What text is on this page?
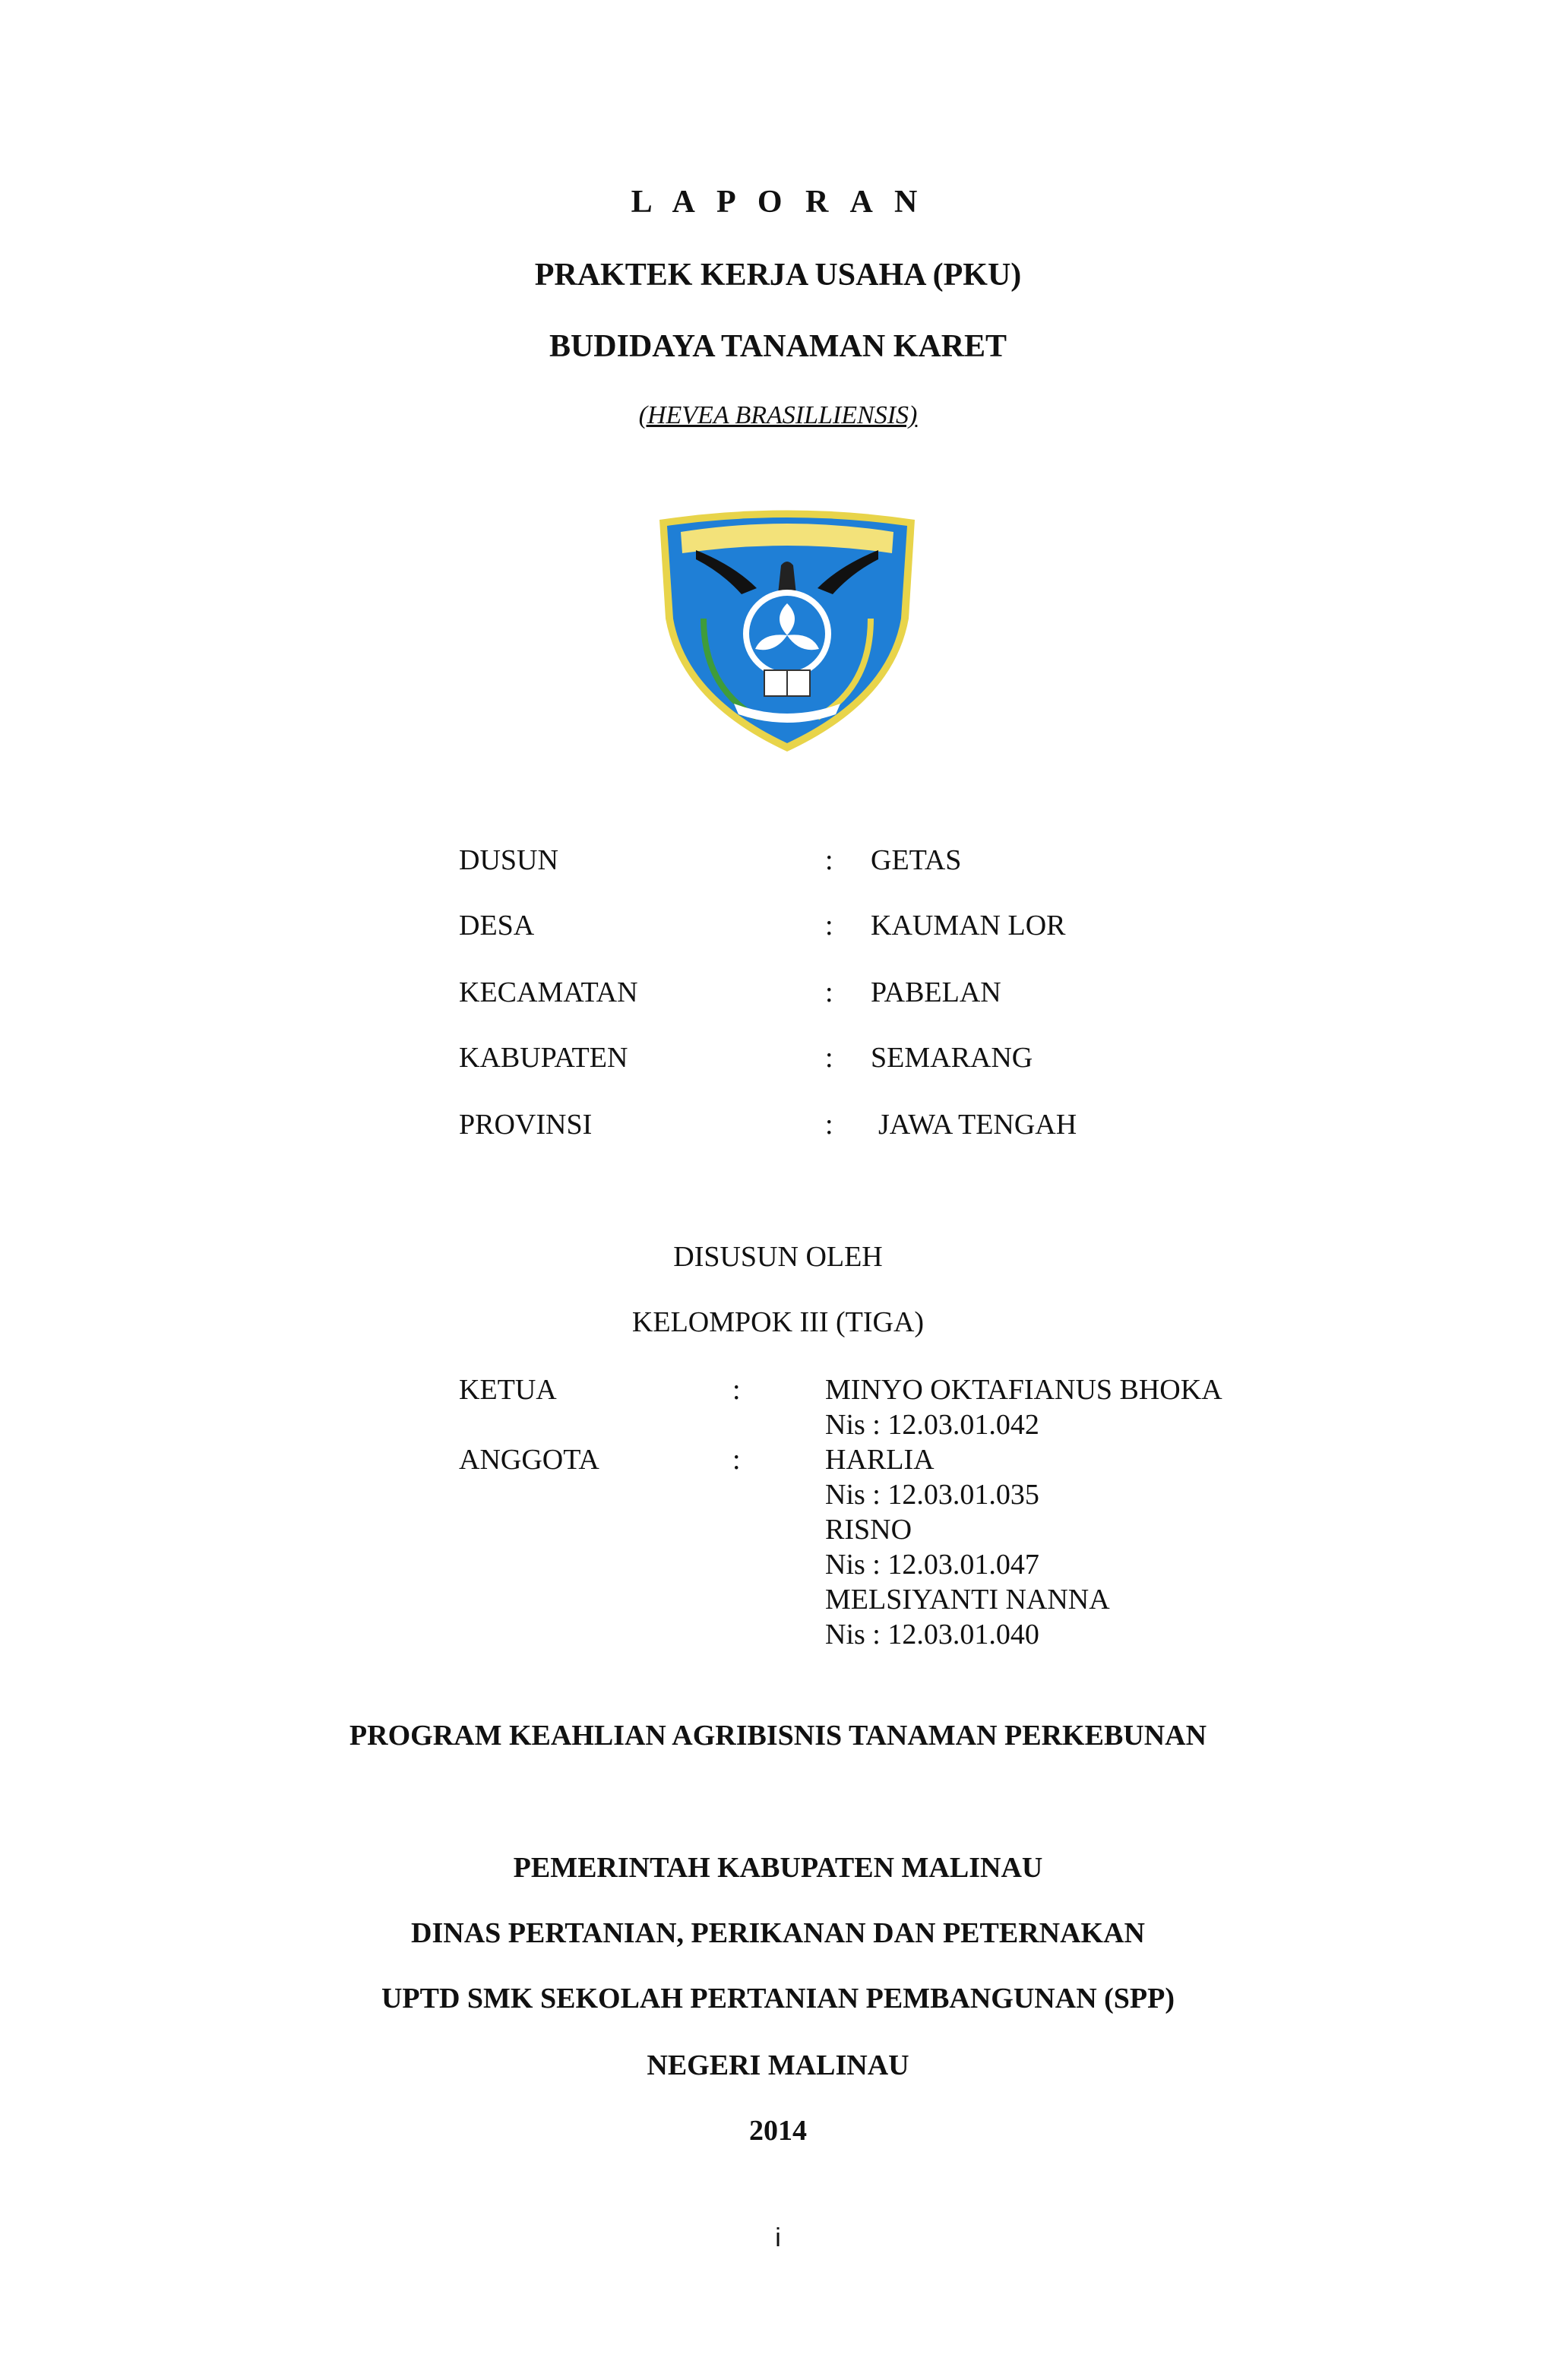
L A P O R A N
PRAKTEK KERJA USAHA (PKU)
BUDIDAYA TANAMAN KARET
(HEVEA BRASILLIENSIS)
DUSUN	: GETAS
DESA	: KAUMAN LOR
KECAMATAN	: PABELAN
KABUPATEN	: SEMARANG
PROVINSI	: JAWA TENGAH
DISUSUN OLEH
KELOMPOK III (TIGA)
KETUA	:	MINYO OKTAFIANUS BHOKA
Nis : 12.03.01.042
ANGGOTA	:	HARLIA
Nis : 12.03.01.035
RISNO
Nis : 12.03.01.047
MELSIYANTI NANNA
Nis : 12.03.01.040
PROGRAM KEAHLIAN AGRIBISNIS TANAMAN PERKEBUNAN
PEMERINTAH KABUPATEN MALINAU
DINAS PERTANIAN, PERIKANAN DAN PETERNAKAN
UPTD SMK SEKOLAH PERTANIAN PEMBANGUNAN (SPP)
NEGERI MALINAU
2014
i
